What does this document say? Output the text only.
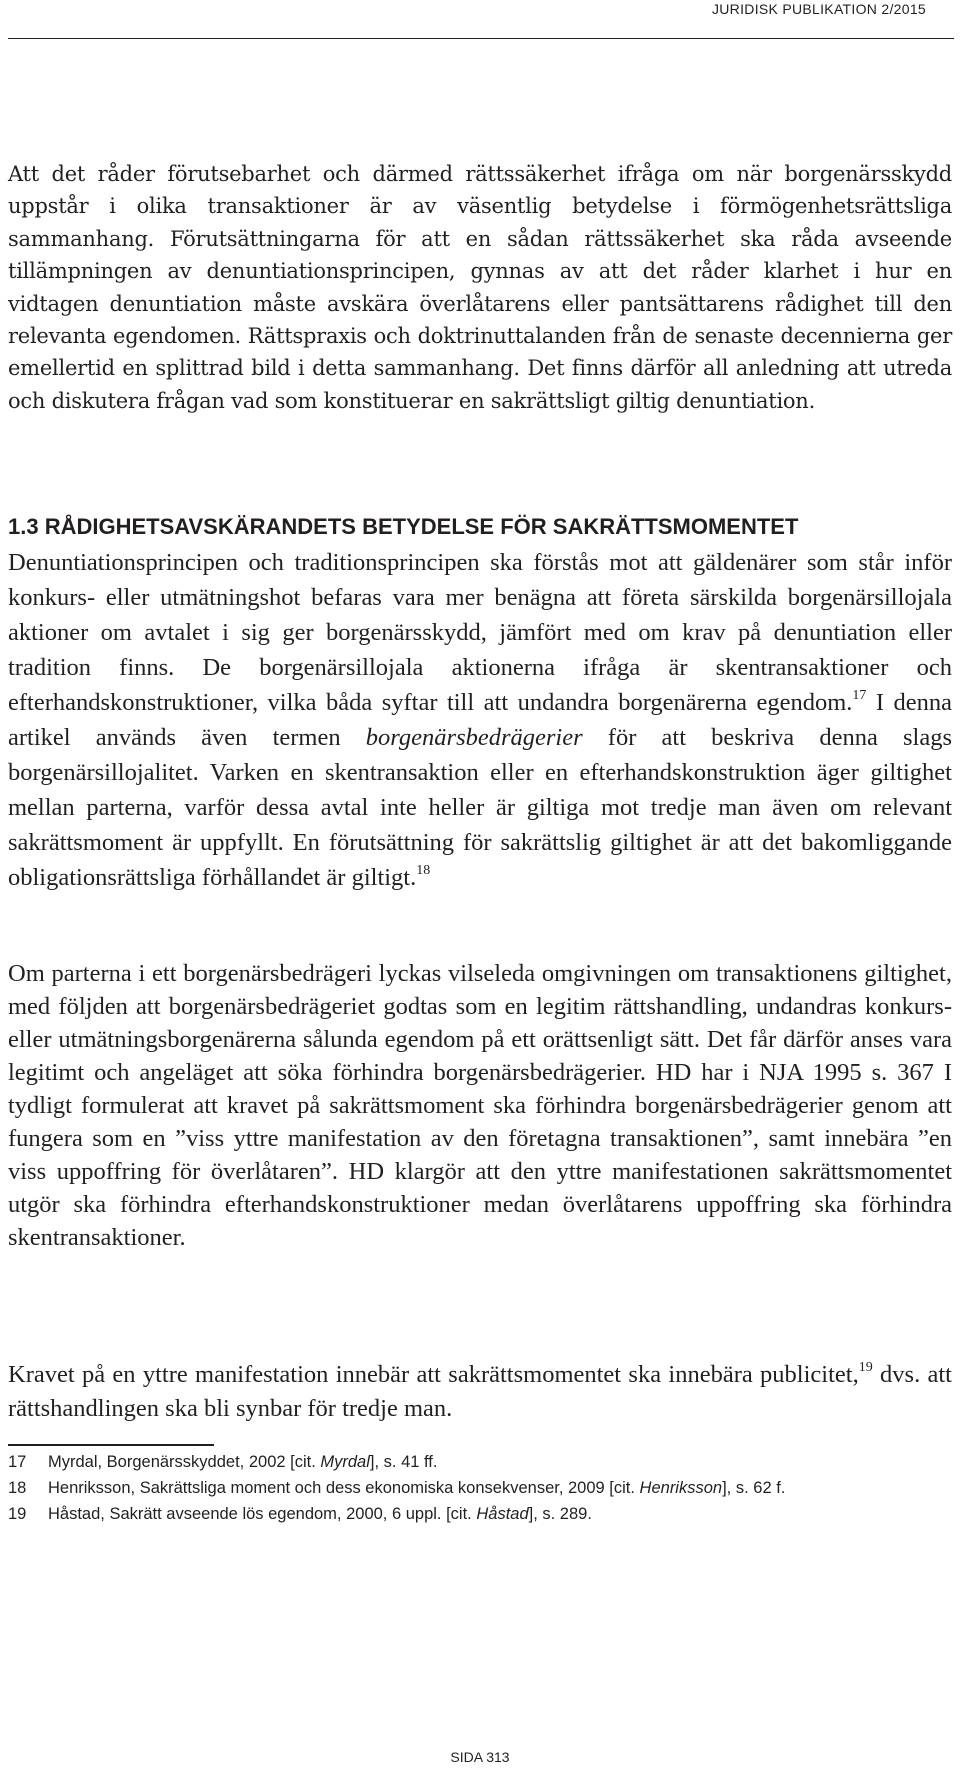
JURIDISK PUBLIKATION 2/2015

Att det råder förutsebarhet och därmed rättssäkerhet ifråga om när borgenärsskydd uppstår i olika transaktioner är av väsentlig betydelse i förmögenhetsrättsliga sammanhang. Förutsättningarna för att en sådan rättssäkerhet ska råda avseende tillämpningen av denuntiationsprincipen, gynnas av att det råder klarhet i hur en vidtagen denuntiation måste avskära överlåtarens eller pantsättarens rådighet till den relevanta egendomen. Rättspraxis och doktrinuttalanden från de senaste decennierna ger emellertid en splittrad bild i detta sammanhang. Det finns därför all anledning att utreda och diskutera frågan vad som konstituerar en sakrättsligt giltig denuntiation.

1.3 RÅDIGHETSAVSKÄRANDETS BETYDELSE FÖR SAKRÄTTSMOMENTET

Denuntiationsprincipen och traditionsprincipen ska förstås mot att gäldenärer som står inför konkurs- eller utmätningshot befaras vara mer benägna att företa särskilda borgenärsillojala aktioner om avtalet i sig ger borgenärsskydd, jämfört med om krav på denuntiation eller tradition finns. De borgenärsillojala aktionerna ifråga är skentransaktioner och efterhandskonstruktioner, vilka båda syftar till att undandra borgenärerna egendom.$^{17}$ I denna artikel används även termen borgenärsbedrägerier för att beskriva denna slags borgenärsillojalitet. Varken en skentransaktion eller en efterhandskonstruktion äger giltighet mellan parterna, varför dessa avtal inte heller är giltiga mot tredje man även om relevant sakrättsmoment är uppfyllt. En förutsättning för sakrättslig giltighet är att det bakomliggande obligationsrättsliga förhållandet är giltigt.$^{18}$

Om parterna i ett borgenärsbedrägeri lyckas vilseleda omgivningen om transaktionens giltighet, med följden att borgenärsbedrägeriet godtas som en legitim rättshandling, undandras konkurs- eller utmätningsborgenärerna sålunda egendom på ett orättsenligt sätt. Det får därför anses vara legitimt och angeläget att söka förhindra borgenärsbedrägerier. HD har i NJA 1995 s. 367 I tydligt formulerat att kravet på sakrättsmoment ska förhindra borgenärsbedrägerier genom att fungera som en ”viss yttre manifestation av den företagna transaktionen”, samt innebära ”en viss uppoffring för överlåtaren”. HD klargör att den yttre manifestationen sakrättsmomentet utgör ska förhindra efterhandskonstruktioner medan överlåtarens uppoffring ska förhindra skentransaktioner.

Kravet på en yttre manifestation innebär att sakrättsmomentet ska innebära publicitet,$^{19}$ dvs. att rättshandlingen ska bli synbar för tredje man.

17	Myrdal, Borgenärsskyddet, 2002 [cit. Myrdal], s. 41 ff.
18	Henriksson, Sakrättsliga moment och dess ekonomiska konsekvenser, 2009 [cit. Henriksson], s. 62 f.
19	Håstad, Sakrätt avseende lös egendom, 2000, 6 uppl. [cit. Håstad], s. 289.
SIDA 313
